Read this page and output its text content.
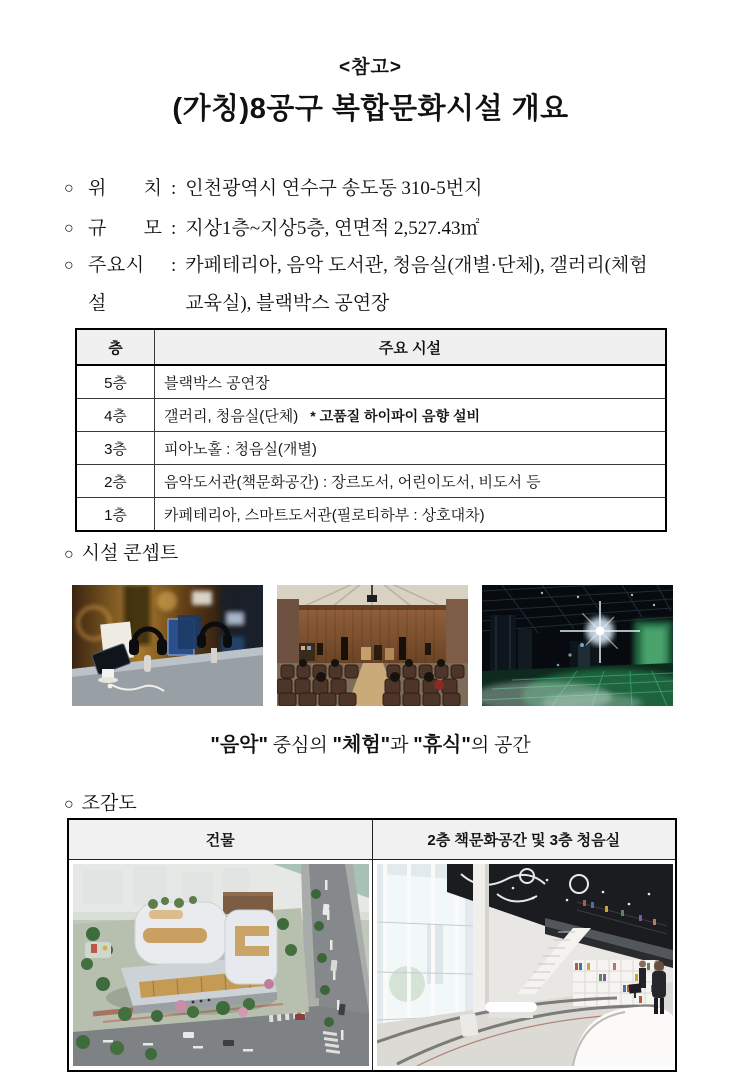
<참고>
(가칭)8공구 복합문화시설 개요
○ 위 치 : 인천광역시 연수구 송도동 310-5번지
○ 규 모 : 지상1층~지상5층, 연면적 2,527.43㎡
○ 주요시설
: 카페테리아, 음악 도서관, 청음실(개별·단체), 갤러리(체험 교육실), 블랙박스 공연장
층	주요 시설
5층	블랙박스 공연장
4층	갤러리, 청음실(단체) * 고품질 하이파이 음향 설비
3층	피아노홀 : 청음실(개별)
2층	음악도서관(책문화공간) : 장르도서, 어린이도서, 비도서 등
1층	카페테리아, 스마트도서관(필로티하부 : 상호대차)
○ 시설 콘셉트
"음악" 중심의 "체험"과 "휴식"의 공간
○ 조감도
건물	2층 책문화공간 및 3층 청음실
